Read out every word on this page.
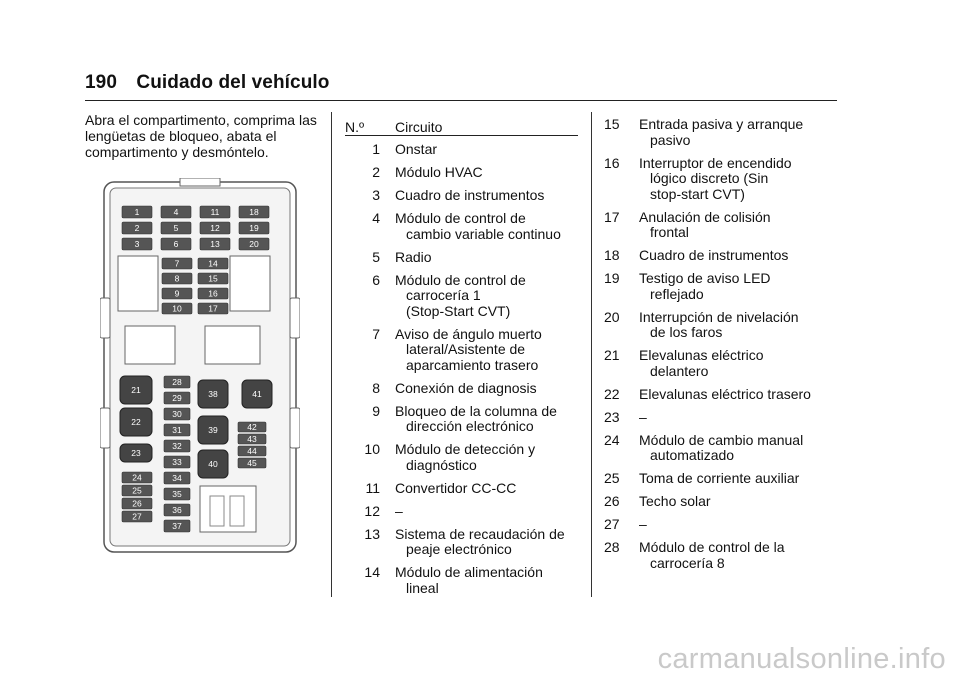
190 Cuidado del vehículo
Abra el compartimento, comprima las lengüetas de bloqueo, abata el compartimento y desmóntelo.
1
2
3
4
5
6
11
12
13
18
19
20
7
8
9
10
14
15
16
17
21
22
23
38	41
39
40
28
29
30
31
32
33
34
35
36
37
42
43
44
45
24
25
26
27
N.º Circuito
1	Onstar
2	Módulo HVAC
3	Cuadro de instrumentos
4	Módulo de control de
cambio variable continuo
5	Radio
6	Módulo de control de
carrocería 1
(Stop-Start CVT)
7	Aviso de ángulo muerto
lateral/Asistente de
aparcamiento trasero
8	Conexión de diagnosis
9	Bloqueo de la columna de
dirección electrónico
10	Módulo de detección y
diagnóstico
11	Convertidor CC-CC
12	–
13	Sistema de recaudación de
peaje electrónico
14	Módulo de alimentación
lineal
15	Entrada pasiva y arranque
pasivo
16	Interruptor de encendido
lógico discreto (Sin
stop-start CVT)
17	Anulación de colisión
frontal
18	Cuadro de instrumentos
19	Testigo de aviso LED
reflejado
20	Interrupción de nivelación
de los faros
21	Elevalunas eléctrico
delantero
22	Elevalunas eléctrico trasero
23	–
24	Módulo de cambio manual
automatizado
25	Toma de corriente auxiliar
26	Techo solar
27	–
28	Módulo de control de la
carrocería 8
carmanualsonline.info
